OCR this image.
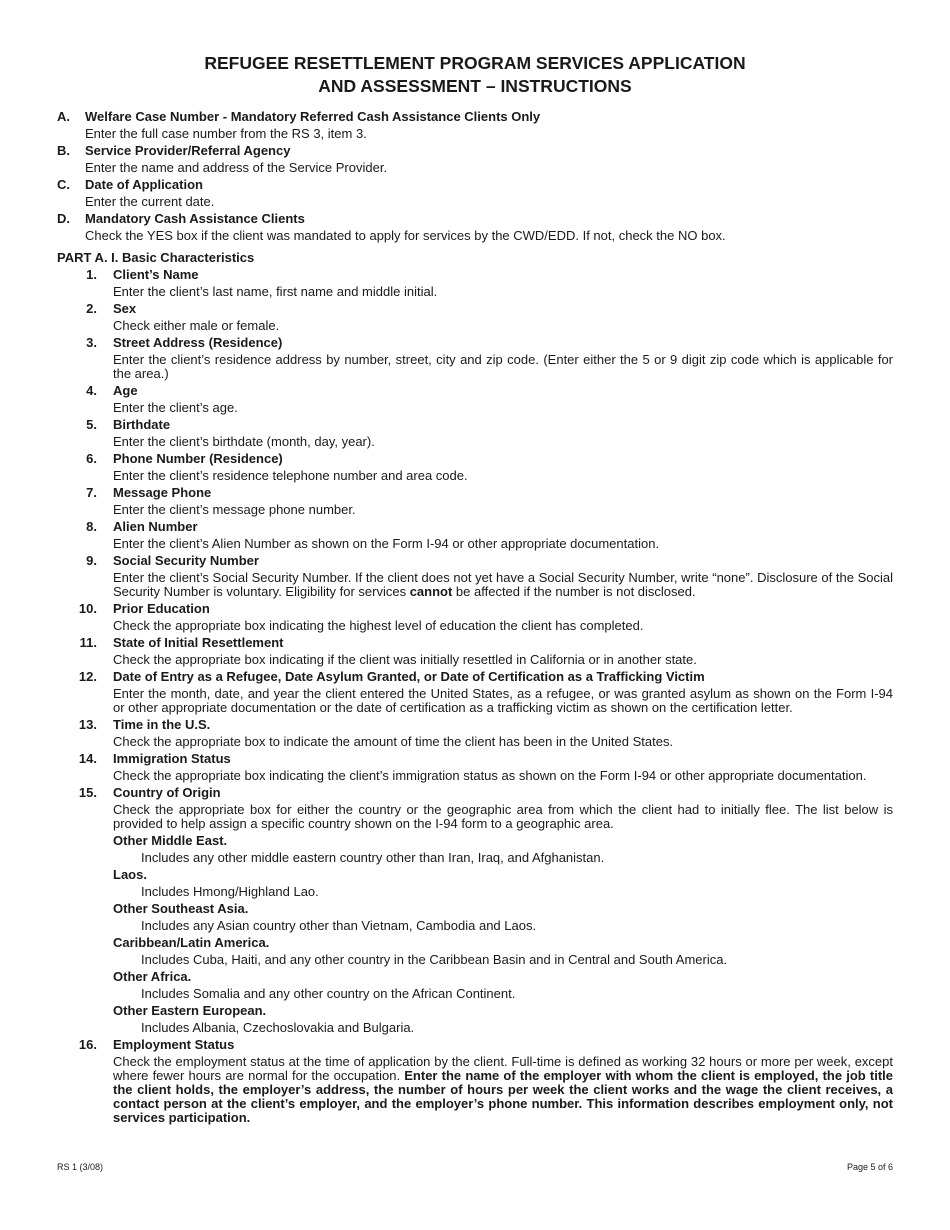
REFUGEE RESETTLEMENT PROGRAM SERVICES APPLICATION
AND ASSESSMENT – INSTRUCTIONS
A. Welfare Case Number - Mandatory Referred Cash Assistance Clients Only
Enter the full case number from the RS 3, item 3.
B. Service Provider/Referral Agency
Enter the name and address of the Service Provider.
C. Date of Application
Enter the current date.
D. Mandatory Cash Assistance Clients
Check the YES box if the client was mandated to apply for services by the CWD/EDD. If not, check the NO box.
PART A. I. Basic Characteristics
1. Client’s Name
Enter the client’s last name, first name and middle initial.
2. Sex
Check either male or female.
3. Street Address (Residence)
Enter the client’s residence address by number, street, city and zip code. (Enter either the 5 or 9 digit zip code which is applicable for the area.)
4. Age
Enter the client’s age.
5. Birthdate
Enter the client’s birthdate (month, day, year).
6. Phone Number (Residence)
Enter the client’s residence telephone number and area code.
7. Message Phone
Enter the client’s message phone number.
8. Alien Number
Enter the client’s Alien Number as shown on the Form I-94 or other appropriate documentation.
9. Social Security Number
Enter the client’s Social Security Number. If the client does not yet have a Social Security Number, write “none”. Disclosure of the Social Security Number is voluntary. Eligibility for services cannot be affected if the number is not disclosed.
10. Prior Education
Check the appropriate box indicating the highest level of education the client has completed.
11. State of Initial Resettlement
Check the appropriate box indicating if the client was initially resettled in California or in another state.
12. Date of Entry as a Refugee, Date Asylum Granted, or Date of Certification as a Trafficking Victim
Enter the month, date, and year the client entered the United States, as a refugee, or was granted asylum as shown on the Form I-94 or other appropriate documentation or the date of certification as a trafficking victim as shown on the certification letter.
13. Time in the U.S.
Check the appropriate box to indicate the amount of time the client has been in the United States.
14. Immigration Status
Check the appropriate box indicating the client’s immigration status as shown on the Form I-94 or other appropriate documentation.
15. Country of Origin
Check the appropriate box for either the country or the geographic area from which the client had to initially flee. The list below is provided to help assign a specific country shown on the I-94 form to a geographic area.
Other Middle East.
Includes any other middle eastern country other than Iran, Iraq, and Afghanistan.
Laos.
Includes Hmong/Highland Lao.
Other Southeast Asia.
Includes any Asian country other than Vietnam, Cambodia and Laos.
Caribbean/Latin America.
Includes Cuba, Haiti, and any other country in the Caribbean Basin and in Central and South America.
Other Africa.
Includes Somalia and any other country on the African Continent.
Other Eastern European.
Includes Albania, Czechoslovakia and Bulgaria.
16. Employment Status
Check the employment status at the time of application by the client. Full-time is defined as working 32 hours or more per week, except where fewer hours are normal for the occupation. Enter the name of the employer with whom the client is employed, the job title the client holds, the employer’s address, the number of hours per week the client works and the wage the client receives, a contact person at the client’s employer, and the employer’s phone number. This information describes employment only, not services participation.
RS 1 (3/08)	Page 5 of 6
